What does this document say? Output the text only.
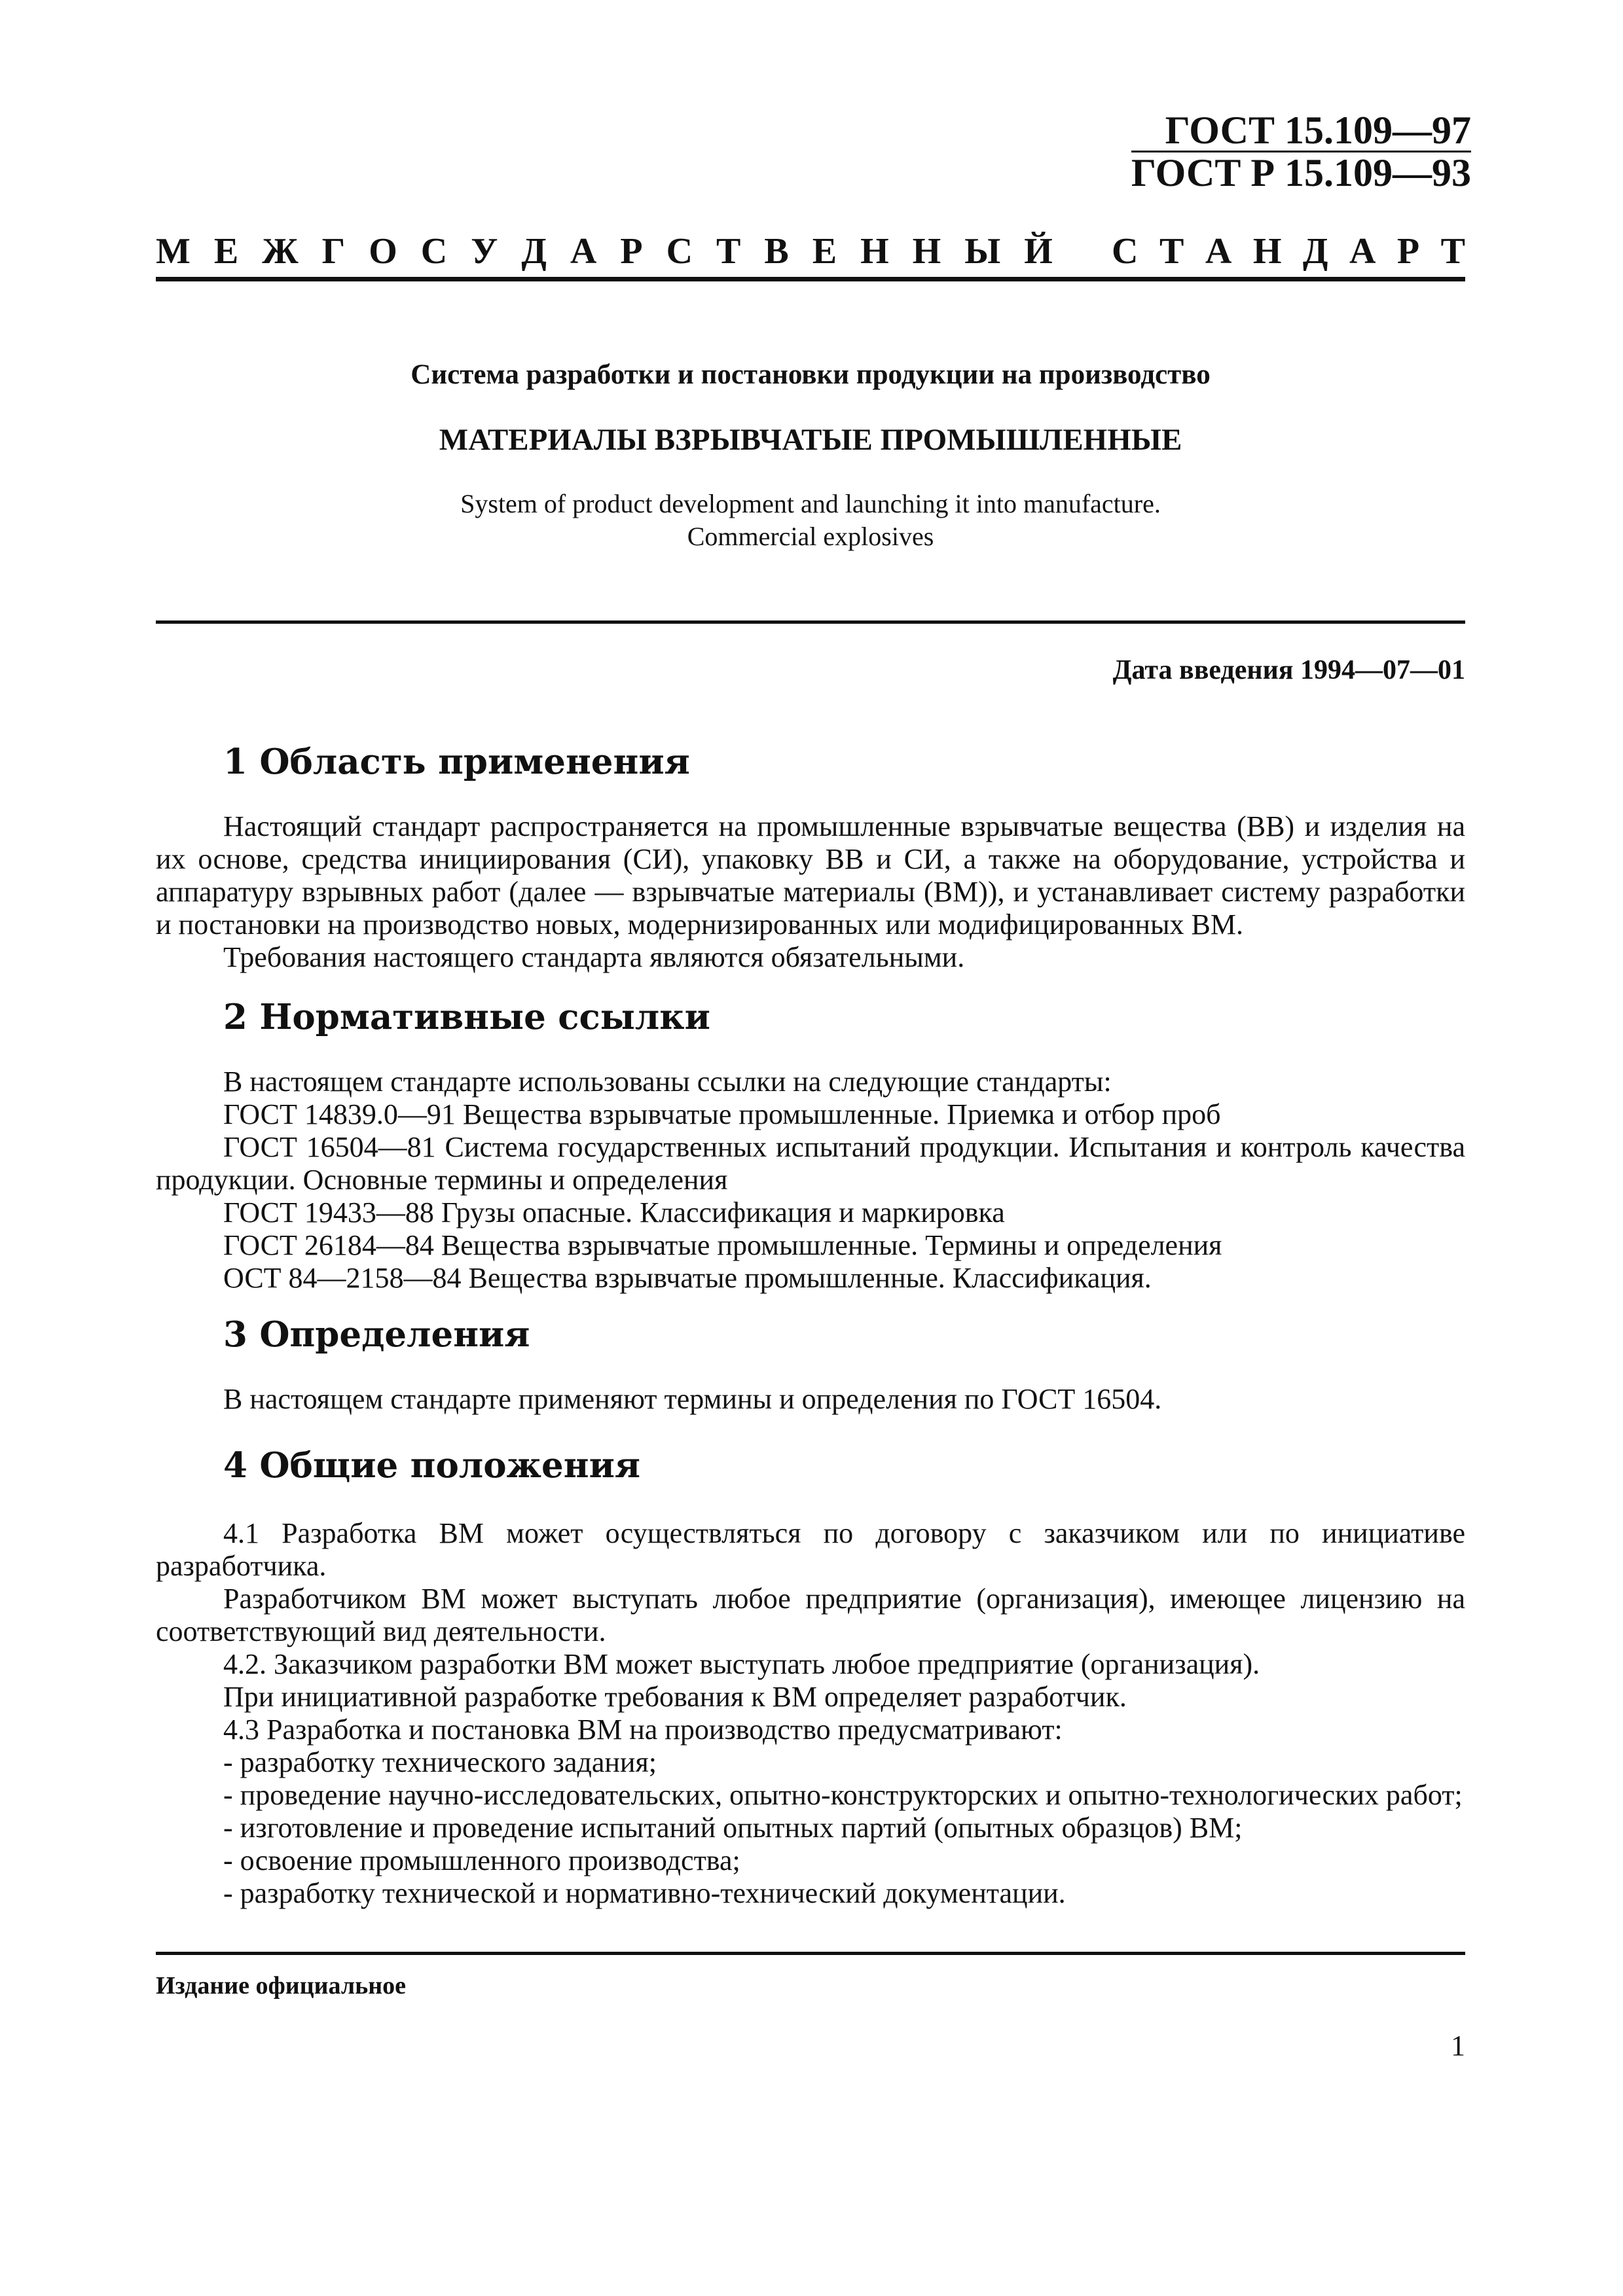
ГОСТ 15.109—97
ГОСТ Р 15.109—93
М Е Ж Г О С У Д А Р С Т В Е Н Н Ы Й С Т А Н Д А Р Т
Система разработки и постановки продукции на производство
МАТЕРИАЛЫ ВЗРЫВЧАТЫЕ ПРОМЫШЛЕННЫЕ
System of product development and launching it into manufacture.
Commercial explosives
Дата введения 1994—07—01
1 Область применения

Настоящий стандарт распространяется на промышленные взрывчатые вещества (ВВ) и изделия на их основе, средства инициирования (СИ), упаковку ВВ и СИ, а также на оборудование, устройства и аппаратуру взрывных работ (далее — взрывчатые материалы (ВМ)), и устанавливает систему разработки и постановки на производство новых, модернизированных или модифицированных ВМ.

Требования настоящего стандарта являются обязательными.

2 Нормативные ссылки

В настоящем стандарте использованы ссылки на следующие стандарты:

ГОСТ 14839.0—91 Вещества взрывчатые промышленные. Приемка и отбор проб

ГОСТ 16504—81 Система государственных испытаний продукции. Испытания и контроль качества продукции. Основные термины и определения

ГОСТ 19433—88 Грузы опасные. Классификация и маркировка

ГОСТ 26184—84 Вещества взрывчатые промышленные. Термины и определения

ОСТ 84—2158—84 Вещества взрывчатые промышленные. Классификация.

3 Определения

В настоящем стандарте применяют термины и определения по ГОСТ 16504.

4 Общие положения

4.1 Разработка ВМ может осуществляться по договору с заказчиком или по инициативе разработчика.

Разработчиком ВМ может выступать любое предприятие (организация), имеющее лицензию на соответствующий вид деятельности.

4.2. Заказчиком разработки ВМ может выступать любое предприятие (организация).

При инициативной разработке требования к ВМ определяет разработчик.

4.3 Разработка и постановка ВМ на производство предусматривают:

- разработку технического задания;

- проведение научно-исследовательских, опытно-конструкторских и опытно-технологических работ;

- изготовление и проведение испытаний опытных партий (опытных образцов) ВМ;

- освоение промышленного производства;

- разработку технической и нормативно-технический документации.

Издание официальное
1
